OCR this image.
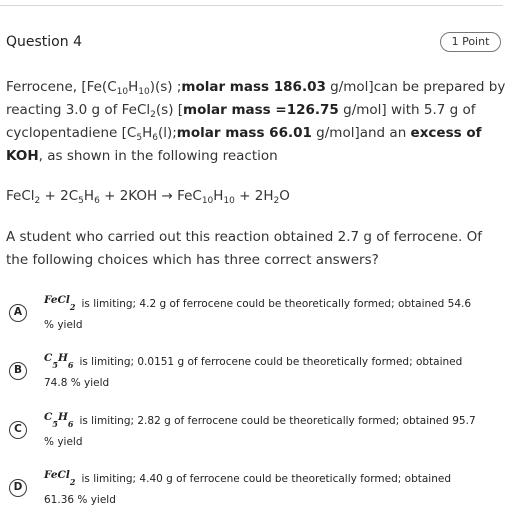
Question 4	1 Point
Ferrocene, [$Fe(C_{10}H_{10})(s)$ ;molar mass 186.03 g/mol]can be prepared by reacting 3.0 g of FeCl$_2$(s) [molar mass =126.75 g/mol] with 5.7 g of cyclopentadiene [$C_5H_6(l);molar$ mass 66.01 g/mol]and an excess of KOH, as shown in the following reaction
FeCl$_2$ + $2C_5H_6 + 2KOH \to FeC_{10}H_{10} + 2H_2O$
A student who carried out this reaction obtained 2.7 g of ferrocene. Of the following choices which has three correct answers?
A
FeCl$_2$ is limiting; 4.2 g of ferrocene could be theoretically formed; obtained 54.6
% yield
B
$C_5H_6$ is limiting; 0.0151 g of ferrocene could be theoretically formed; obtained
74.8 % yield
C
$C_5H_6$ is limiting; 2.82 g of ferrocene could be theoretically formed; obtained 95.7
% yield
D
FeCl$_2$ is limiting; 4.40 g of ferrocene could be theoretically formed; obtained
61.36 % yield
